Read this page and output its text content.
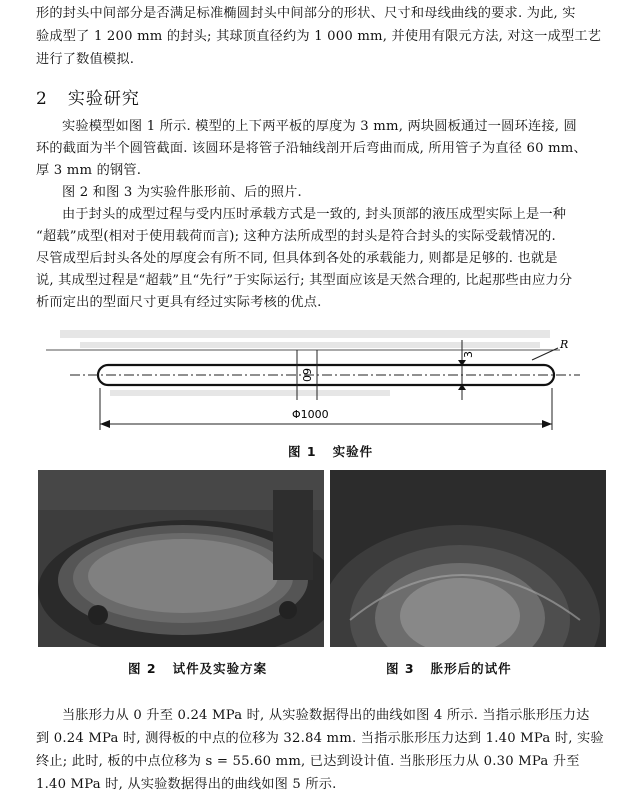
形的封头中间部分是否满足标准椭圆封头中间部分的形状、尺寸和母线曲线的要求. 为此, 实
验成型了 1 200 mm 的封头; 其球顶直径约为 1 000 mm, 并使用有限元方法, 对这一成型工艺
进行了数值模拟.
2 实验研究
实验模型如图 1 所示. 模型的上下两平板的厚度为 3 mm, 两块圆板通过一圆环连接, 圆
环的截面为半个圆管截面. 该圆环是将管子沿轴线剖开后弯曲而成, 所用管子为直径 60 mm、
厚 3 mm 的钢管.
图 2 和图 3 为实验件胀形前、后的照片.
由于封头的成型过程与受内压时承载方式是一致的, 封头顶部的液压成型实际上是一种
“超载”成型(相对于使用载荷而言); 这种方法所成型的封头是符合封头的实际受载情况的.
尽管成型后封头各处的厚度会有所不同, 但具体到各处的承载能力, 则都是足够的. 也就是
说, 其成型过程是“超载”且“先行”于实际运行; 其型面应该是天然合理的, 比起那些由应力分
析而定出的型面尺寸更具有经过实际考核的优点.
3
60
Φ1000
R
图 1 实验件
图 2 试件及实验方案	图 3 胀形后的试件
当胀形力从 0 升至 0.24 MPa 时, 从实验数据得出的曲线如图 4 所示. 当指示胀形压力达
到 0.24 MPa 时, 测得板的中点的位移为 32.84 mm. 当指示胀形压力达到 1.40 MPa 时, 实验
终止; 此时, 板的中点位移为 s = 55.60 mm, 已达到设计值. 当胀形压力从 0.30 MPa 升至
1.40 MPa 时, 从实验数据得出的曲线如图 5 所示.
